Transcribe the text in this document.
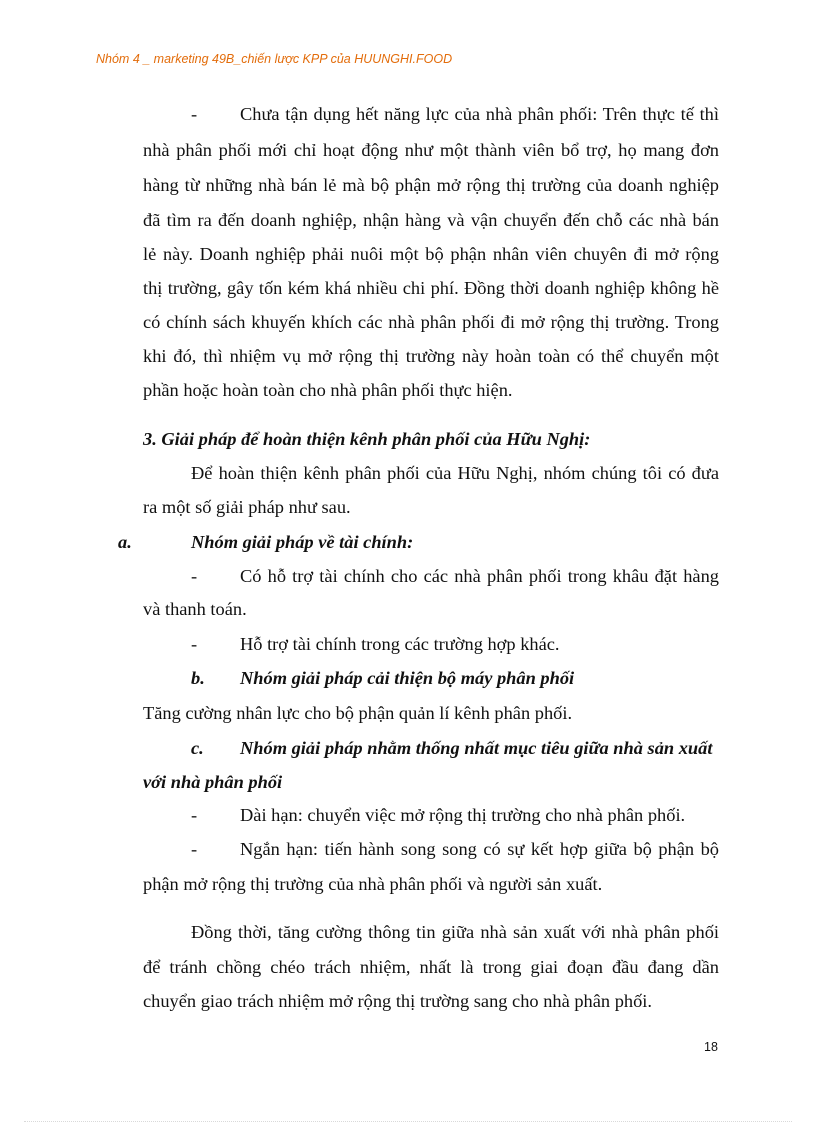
Nhóm 4 _ marketing 49B_chiến lược KPP của HUUNGHI.FOOD
- Chưa tận dụng hết năng lực của nhà phân phối: Trên thực tế thì
nhà phân phối mới chỉ hoạt động như một thành viên bổ trợ, họ mang đơn
hàng từ những nhà bán lẻ mà bộ phận mở rộng thị trường của doanh nghiệp
đã tìm ra đến doanh nghiệp, nhận hàng và vận chuyển đến chỗ các nhà bán
lẻ này. Doanh nghiệp phải nuôi một bộ phận nhân viên chuyên đi mở rộng
thị trường, gây tốn kém khá nhiều chi phí. Đồng thời doanh nghiệp không hề
có chính sách khuyến khích các nhà phân phối đi mở rộng thị trường. Trong
khi đó, thì nhiệm vụ mở rộng thị trường này hoàn toàn có thể chuyển một
phần hoặc hoàn toàn cho nhà phân phối thực hiện.
3. Giải pháp để hoàn thiện kênh phân phối của Hữu Nghị:
Để hoàn thiện kênh phân phối của Hữu Nghị, nhóm chúng tôi có đưa
ra một số giải pháp như sau.
a.	Nhóm giải pháp về tài chính:
- Có hỗ trợ tài chính cho các nhà phân phối trong khâu đặt hàng
và thanh toán.
- Hỗ trợ tài chính trong các trường hợp khác.
b. Nhóm giải pháp cải thiện bộ máy phân phối
Tăng cường nhân lực cho bộ phận quản lí kênh phân phối.
c. Nhóm giải pháp nhằm thống nhất mục tiêu giữa nhà sản xuất
với nhà phân phối
- Dài hạn: chuyển việc mở rộng thị trường cho nhà phân phối.
- Ngắn hạn: tiến hành song song có sự kết hợp giữa bộ phận bộ
phận mở rộng thị trường của nhà phân phối và người sản xuất.
Đồng thời, tăng cường thông tin giữa nhà sản xuất với nhà phân phối
để tránh chồng chéo trách nhiệm, nhất là trong giai đoạn đầu đang dần
chuyển giao trách nhiệm mở rộng thị trường sang cho nhà phân phối.
18
